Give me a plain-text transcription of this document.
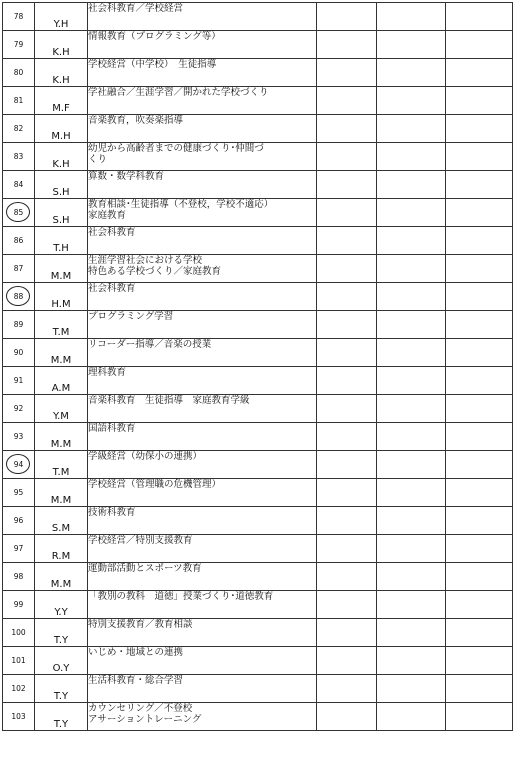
78	Y.H	社会科教育／学校経営			
79	K.H	情報教育（プログラミング等）			
80	K.H	学校経営（中学校）　生徒指導			
81	M.F	学社融合／生涯学習／開かれた学校づくり			
82	M.H	音楽教育，吹奏楽指導			
83	K.H	幼児から高齢者までの健康づくり･仲間づ
くり			
84	S.H	算数・数学科教育			
85	S.H	教育相談･生徒指導（不登校，学校不適応）
家庭教育			
86	T.H	社会科教育			
87	M.M	生涯学習社会における学校
特色ある学校づくり／家庭教育			
88	H.M	社会科教育			
89	T.M	プログラミング学習			
90	M.M	リコーダー指導／音楽の授業			
91	A.M	理科教育			
92	Y.M	音楽科教育　生徒指導　家庭教育学級			
93	M.M	国語科教育			
94	T.M	学級経営（幼保小の連携）			
95	M.M	学校経営（管理職の危機管理）			
96	S.M	技術科教育			
97	R.M	学校経営／特別支援教育			
98	M.M	運動部活動とスポーツ教育			
99	Y.Y	「教別の教科　道徳」授業づくり･道徳教育			
100	T.Y	特別支援教育／教育相談			
101	O.Y	いじめ・地域との連携			
102	T.Y	生活科教育・総合学習			
103	T.Y	カウンセリング／不登校
アサーショントレーニング			
